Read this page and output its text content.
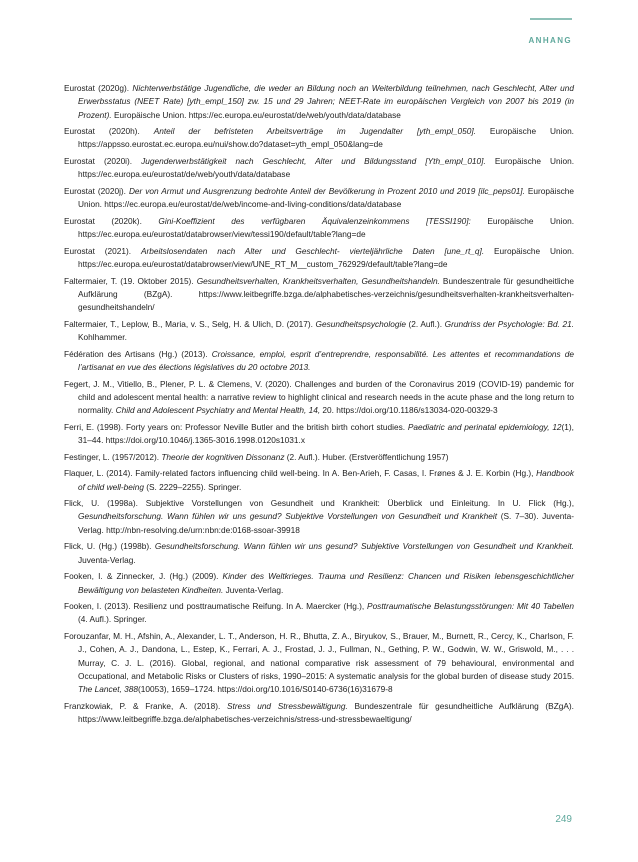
ANHANG

Eurostat (2020g). Nichterwerbstätige Jugendliche, die weder an Bildung noch an Weiterbildung teilnehmen, nach Geschlecht, Alter und Erwerbsstatus (NEET Rate) [yth_empl_150] zw. 15 und 29 Jahren; NEET-Rate im europäischen Vergleich von 2007 bis 2019 (in Prozent). Europäische Union. https://ec.europa.eu/eurostat/de/web/youth/data/database

Eurostat (2020h). Anteil der befristeten Arbeitsverträge im Jugendalter [yth_empl_050]. Europäische Union. https://appsso.eurostat.ec.europa.eu/nui/show.do?dataset=yth_empl_050&lang=de

Eurostat (2020i). Jugenderwerbstätigkeit nach Geschlecht, Alter und Bildungsstand [Yth_empl_010]. Europäische Union. https://ec.europa.eu/eurostat/de/web/youth/data/database

Eurostat (2020j). Der von Armut und Ausgrenzung bedrohte Anteil der Bevölkerung in Prozent 2010 und 2019 [ilc_peps01]. Europäische Union. https://ec.europa.eu/eurostat/de/web/income-and-living-conditions/data/database

Eurostat (2020k). Gini-Koeffizient des verfügbaren Äquivalenzeinkommens [TESSI190]: Europäische Union. https://ec.europa.eu/eurostat/databrowser/view/tessi190/default/table?lang=de

Eurostat (2021). Arbeitslosendaten nach Alter und Geschlecht- vierteljährliche Daten [une_rt_q]. Europäische Union. https://ec.europa.eu/eurostat/databrowser/view/UNE_RT_M__custom_762929/default/table?lang=de

Faltermaier, T. (19. Oktober 2015). Gesundheitsverhalten, Krankheitsverhalten, Gesundheitshandeln. Bundeszentrale für gesundheitliche Aufklärung (BZgA). https://www.leitbegriffe.bzga.de/alphabetisches-verzeichnis/gesundheitsverhalten-krankheitsverhalten-gesundheitshandeln/

Faltermaier, T., Leplow, B., Maria, v. S., Selg, H. & Ulich, D. (2017). Gesundheitspsychologie (2. Aufl.). Grundriss der Psychologie: Bd. 21. Kohlhammer.

Fédération des Artisans (Hg.) (2013). Croissance, emploi, esprit d’entreprendre, responsabilité. Les attentes et recommandations de l’artisanat en vue des élections législatives du 20 octobre 2013.

Fegert, J. M., Vitiello, B., Plener, P. L. & Clemens, V. (2020). Challenges and burden of the Coronavirus 2019 (COVID-19) pandemic for child and adolescent mental health: a narrative review to highlight clinical and research needs in the acute phase and the long return to normality. Child and Adolescent Psychiatry and Mental Health, 14, 20. https://doi.org/10.1186/s13034-020-00329-3

Ferri, E. (1998). Forty years on: Professor Neville Butler and the british birth cohort studies. Paediatric and perinatal epidemiology, 12(1), 31–44. https://doi.org/10.1046/j.1365-3016.1998.0120s1031.x

Festinger, L. (1957/2012). Theorie der kognitiven Dissonanz (2. Aufl.). Huber. (Erstveröffentlichung 1957)

Flaquer, L. (2014). Family-related factors influencing child well-being. In A. Ben-Arieh, F. Casas, I. Frønes & J. E. Korbin (Hg.), Handbook of child well-being (S. 2229–2255). Springer.

Flick, U. (1998a). Subjektive Vorstellungen von Gesundheit und Krankheit: Überblick und Einleitung. In U. Flick (Hg.), Gesundheitsforschung. Wann fühlen wir uns gesund? Subjektive Vorstellungen von Gesundheit und Krankheit (S. 7–30). Juventa-Verlag. http://nbn-resolving.de/urn:nbn:de:0168-ssoar-39918

Flick, U. (Hg.) (1998b). Gesundheitsforschung. Wann fühlen wir uns gesund? Subjektive Vorstellungen von Gesundheit und Krankheit. Juventa-Verlag.

Fooken, I. & Zinnecker, J. (Hg.) (2009). Kinder des Weltkrieges. Trauma und Resilienz: Chancen und Risiken lebensgeschichtlicher Bewältigung von belasteten Kindheiten. Juventa-Verlag.

Fooken, I. (2013). Resilienz und posttraumatische Reifung. In A. Maercker (Hg.), Posttraumatische Belastungsstörungen: Mit 40 Tabellen (4. Aufl.). Springer.

Forouzanfar, M. H., Afshin, A., Alexander, L. T., Anderson, H. R., Bhutta, Z. A., Biryukov, S., Brauer, M., Burnett, R., Cercy, K., Charlson, F. J., Cohen, A. J., Dandona, L., Estep, K., Ferrari, A. J., Frostad, J. J., Fullman, N., Gething, P. W., Godwin, W. W., Griswold, M., . . . Murray, C. J. L. (2016). Global, regional, and national comparative risk assessment of 79 behavioural, environmental and Occupational, and Metabolic Risks or Clusters of risks, 1990–2015: A systematic analysis for the global burden of disease study 2015. The Lancet, 388(10053), 1659–1724. https://doi.org/10.1016/S0140-6736(16)31679-8

Franzkowiak, P. & Franke, A. (2018). Stress und Stressbewältigung. Bundeszentrale für gesundheitliche Aufklärung (BZgA). https://www.leitbegriffe.bzga.de/alphabetisches-verzeichnis/stress-und-stressbewaeltigung/

249
